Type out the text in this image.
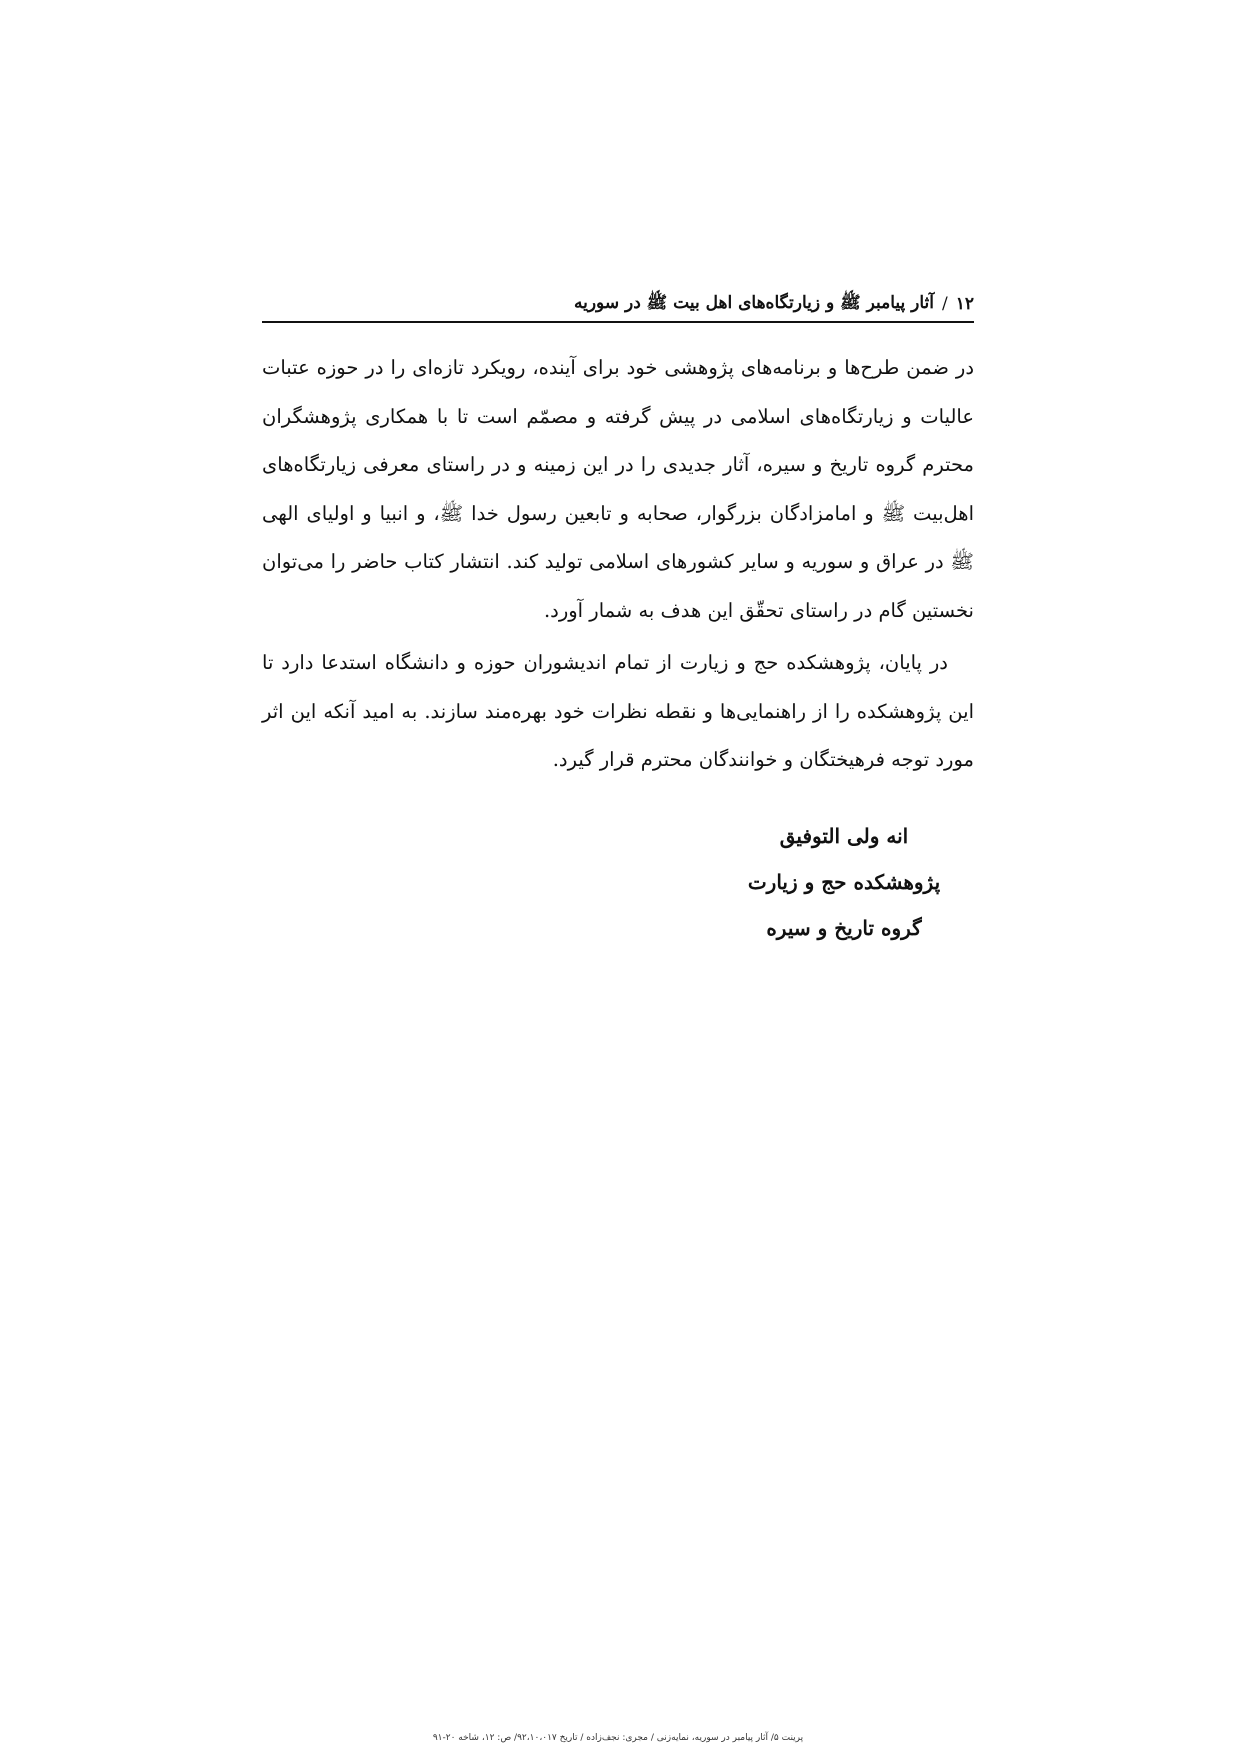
۱۲
/
آثار پیامبر ﷺ و زیارتگاه‌های اهل بیت ﷺ در سوریه

در ضمن طرح‌ها و برنامه‌های پژوهشی خود برای آینده، رویکرد تازه‌ای را در حوزه عتبات عالیات و زیارتگاه‌های اسلامی در پیش گرفته و مصمّم است تا با همکاری پژوهشگران محترم گروه تاریخ و سیره، آثار جدیدی را در این زمینه و در راستای معرفی زیارتگاه‌های اهل‌بیت ﷺ و امامزادگان بزرگوار، صحابه و تابعین رسول خدا ﷺ، و انبیا و اولیای الهی ﷺ در عراق و سوریه و سایر کشورهای اسلامی تولید کند. انتشار کتاب حاضر را می‌توان نخستین گام در راستای تحقّق این هدف به شمار آورد.

در پایان، پژوهشکده حج و زیارت از تمام اندیشوران حوزه و دانشگاه استدعا دارد تا این پژوهشکده را از راهنمایی‌ها و نقطه نظرات خود بهره‌مند سازند. به امید آنکه این اثر مورد توجه فرهیختگان و خوانندگان محترم قرار گیرد.

انه ولی التوفیق
پژوهشکده حج و زیارت
گروه تاریخ و سیره
پرینت ۵/ آثار پیامبر در سوریه، نمایه‌زنی / مجری: نجف‌زاده / تاریخ ۹۲،۱۰،۰۱۷/ ص: ۱۲، شاخه ۲۰-۹۱
